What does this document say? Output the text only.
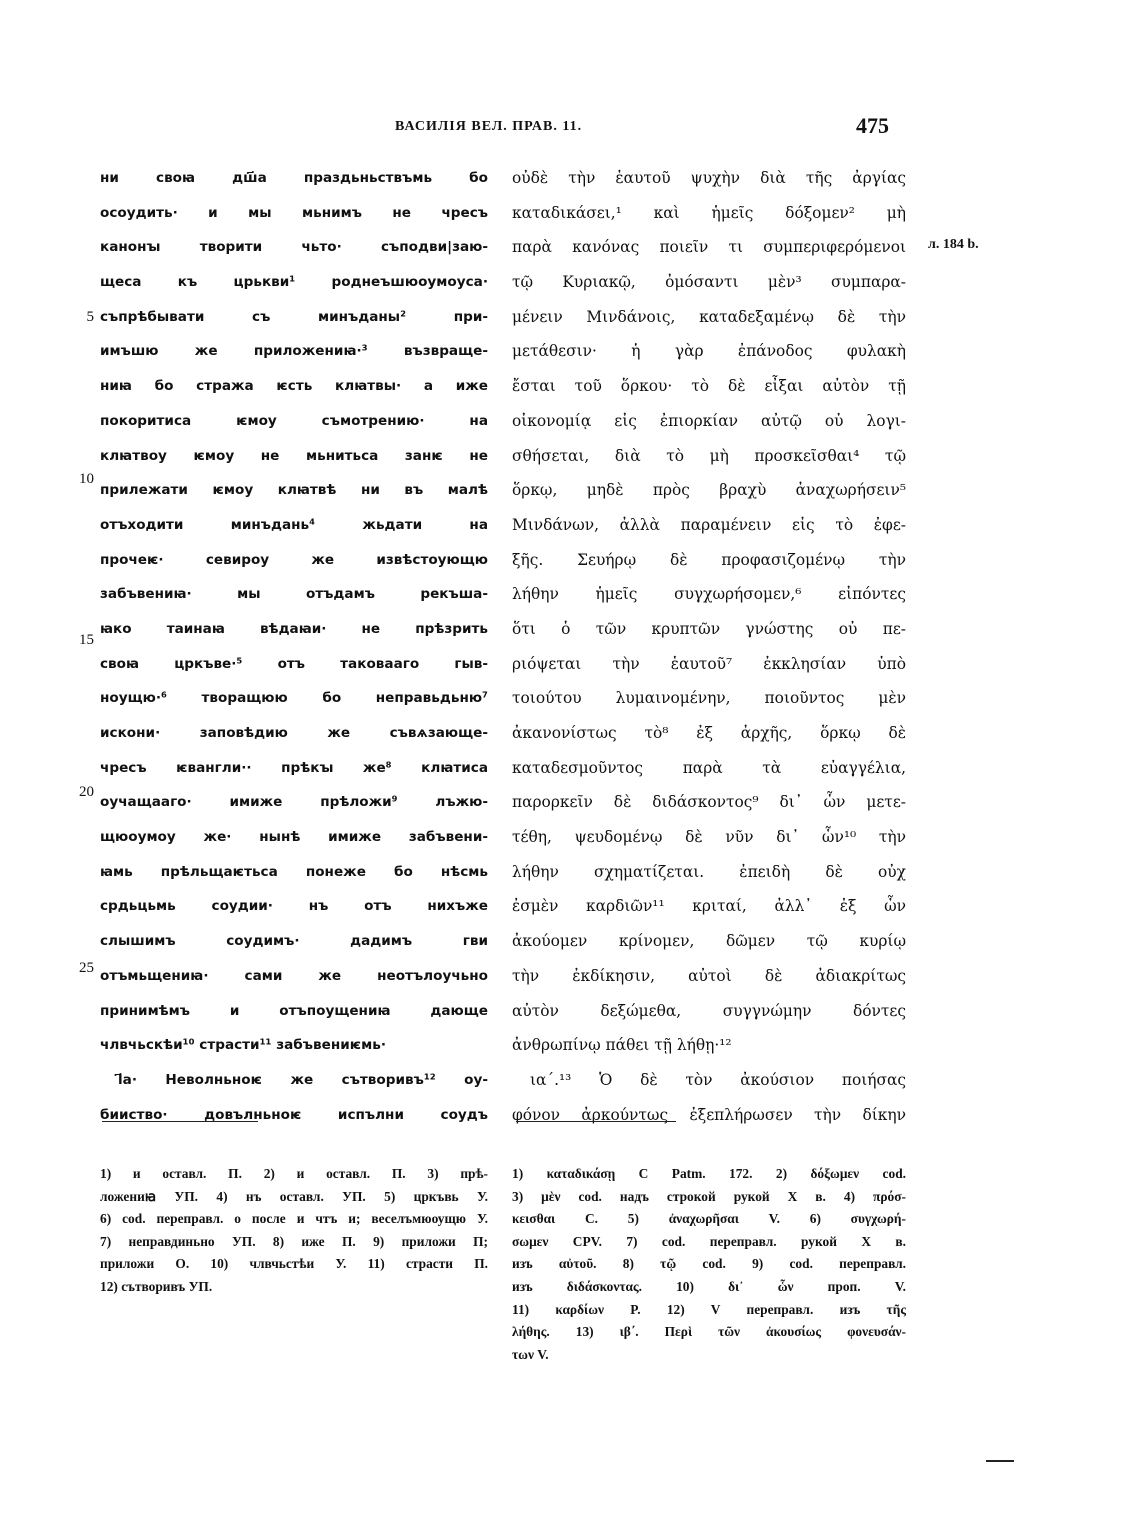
ВАСИЛІЯ ВЕЛ. ПРАВ. 11.	475
5
10
15
20
25
л. 184 b.
ни своꙗ дш҃а праздьньствъмь бо
осоудить· и мы мьнимъ не чресъ
канонꙑ творити чьто· съподви|заю-
щеса къ црькви¹ роднеъшюоумоуса·
съпрѣбывати съ минъданы² при-
имъшю же приложениꙗ·³ възвраще-
ниꙗ бо стража ѥсть клꙗтвы· а иже
покоритиса ѥмоу съмотрению· на
клꙗтвоу ѥмоу не мьнитьса занѥ не
прилежати ѥмоу клꙗтвѣ ни въ малѣ
отъходити минъдань⁴ жьдати на
прочеѥ· севироу же извѣстоующю
забъвениꙗ· мы отъдамъ рекъша-
ꙗко таинаꙗ вѣдаꙗи· не прѣзрить
своꙗ цркъве·⁵ отъ таковааго гыв-
ноущю·⁶ творащюю бо неправьдьню⁷
искони· заповѣдию же съвѧзающе-
чресъ ѥвангли·· прѣкꙑ же⁸ клꙗтиса
оучащааго· имиже прѣложи⁹ лъжю-
щюоумоу же· нынѣ имиже забъвени-
ꙗмь прѣльщаѥтьса понеже бо нѣсмь
срдьцьмь соудии· нъ отъ нихъже
слышимъ соудимъ· дадимъ гви
отъмьщениꙗ· сами же неотълоучьно
принимѣмъ и отъпоущениꙗ дающе
члвчьскѣи¹⁰ страсти¹¹ забъвениѥмь·
ӏ҃а· Неволньноѥ же сътворивъ¹² оу-
бииство· довълньноѥ испълни соудъ
οὐδὲ τὴν ἑαυτοῦ ψυχὴν διὰ τῆς ἀργίας
καταδικάσει,¹ καὶ ἡμεῖς δόξομεν² μὴ
παρὰ κανόνας ποιεῖν τι συμπεριφερόμενοι
τῷ Κυριακῷ, ὀμόσαντι μὲν³ συμπαρα-
μένειν Μινδάνοις, καταδεξαμένῳ δὲ τὴν
μετάθεσιν· ἡ γὰρ ἐπάνοδος φυλακὴ
ἔσται τοῦ ὅρκου· τὸ δὲ εἶξαι αὐτὸν τῇ
οἰκονομίᾳ εἰς ἐπιορκίαν αὐτῷ οὐ λογι-
σθήσεται, διὰ τὸ μὴ προσκεῖσθαι⁴ τῷ
ὅρκῳ, μηδὲ πρὸς βραχὺ ἀναχωρήσειν⁵
Μινδάνων, ἀλλὰ παραμένειν εἰς τὸ ἐφε-
ξῆς. Σευήρῳ δὲ προφασιζομένῳ τὴν
λήθην ἡμεῖς συγχωρήσομεν,⁶ εἰπόντες
ὅτι ὁ τῶν κρυπτῶν γνώστης οὐ πε-
ριόψεται τὴν ἑαυτοῦ⁷ ἐκκλησίαν ὑπὸ
τοιούτου λυμαινομένην, ποιοῦντος μὲν
ἀκανονίστως τὸ⁸ ἐξ ἀρχῆς, ὅρκῳ δὲ
καταδεσμοῦντος παρὰ τὰ εὐαγγέλια,
παρορκεῖν δὲ διδάσκοντος⁹ δι᾽ ὧν μετε-
τέθη, ψευδομένῳ δὲ νῦν δι᾽ ὧν¹⁰ τὴν
λήθην σχηματίζεται. ἐπειδὴ δὲ οὐχ
ἐσμὲν καρδιῶν¹¹ κριταί, ἀλλ᾽ ἐξ ὧν
ἀκούομεν κρίνομεν, δῶμεν τῷ κυρίῳ
τὴν ἐκδίκησιν, αὐτοὶ δὲ ἀδιακρίτως
αὐτὸν δεξώμεθα, συγγνώμην δόντες
ἀνθρωπίνῳ πάθει τῇ λήθῃ·¹²
ια΄.¹³ Ὁ δὲ τὸν ἀκούσιον ποιήσας
φόνον ἀρκούντως ἐξεπλήρωσεν τὴν δίκην
1) и оставл. П. 2) и оставл. П. 3) прѣ-
ложениꙗ УП. 4) нъ оставл. УП. 5) цркъвь У.
6) cod. переправл. о после и чтъ и; веселъмюоущю У.
7) неправдиньно УП. 8) иже П. 9) приложи П;
приложи О. 10) члвчьстѣи У. 11) страсти П.
12) сътворивъ УП.
1) καταδικάσῃ C Patm. 172. 2) δόξωμεν cod.
3) μὲν cod. надъ строкой рукой X в. 4) πρόσ-
κεισθαι C. 5) ἀναχωρῆσαι V. 6) συγχωρή-
σωμεν CPV. 7) cod. переправл. рукой X в.
изъ αὐτοῦ. 8) τῷ cod. 9) cod. переправл.
изъ διδάσκοντας. 10) δι᾽ ὧν проп. V.
11) καρδίων P. 12) V переправл. изъ τῆς
λήθης. 13) ιβ΄. Περὶ τῶν ἀκουσίως φονευσάν-
των V.
